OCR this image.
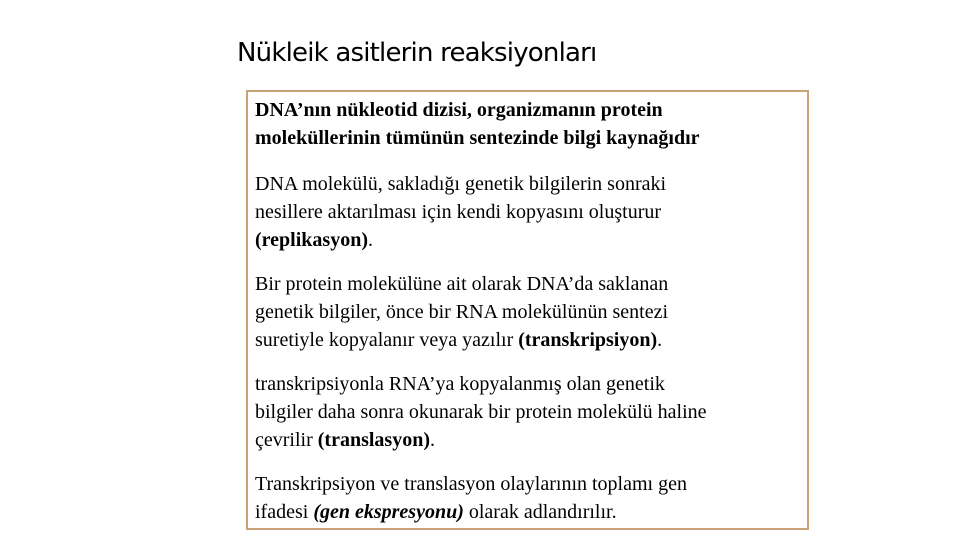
Nükleik asitlerin reaksiyonları

DNA’nın nükleotid dizisi, organizmanın protein
moleküllerinin tümünün sentezinde bilgi kaynağıdır

DNA molekülü, sakladığı genetik bilgilerin sonraki
nesillere aktarılması için kendi kopyasını oluşturur
(replikasyon).

Bir protein molekülüne ait olarak DNA’da saklanan
genetik bilgiler, önce bir RNA molekülünün sentezi
suretiyle kopyalanır veya yazılır (transkripsiyon).

transkripsiyonla RNA’ya kopyalanmış olan genetik
bilgiler daha sonra okunarak bir protein molekülü haline
çevrilir (translasyon).

Transkripsiyon ve translasyon olaylarının toplamı gen
ifadesi (gen ekspresyonu) olarak adlandırılır.
